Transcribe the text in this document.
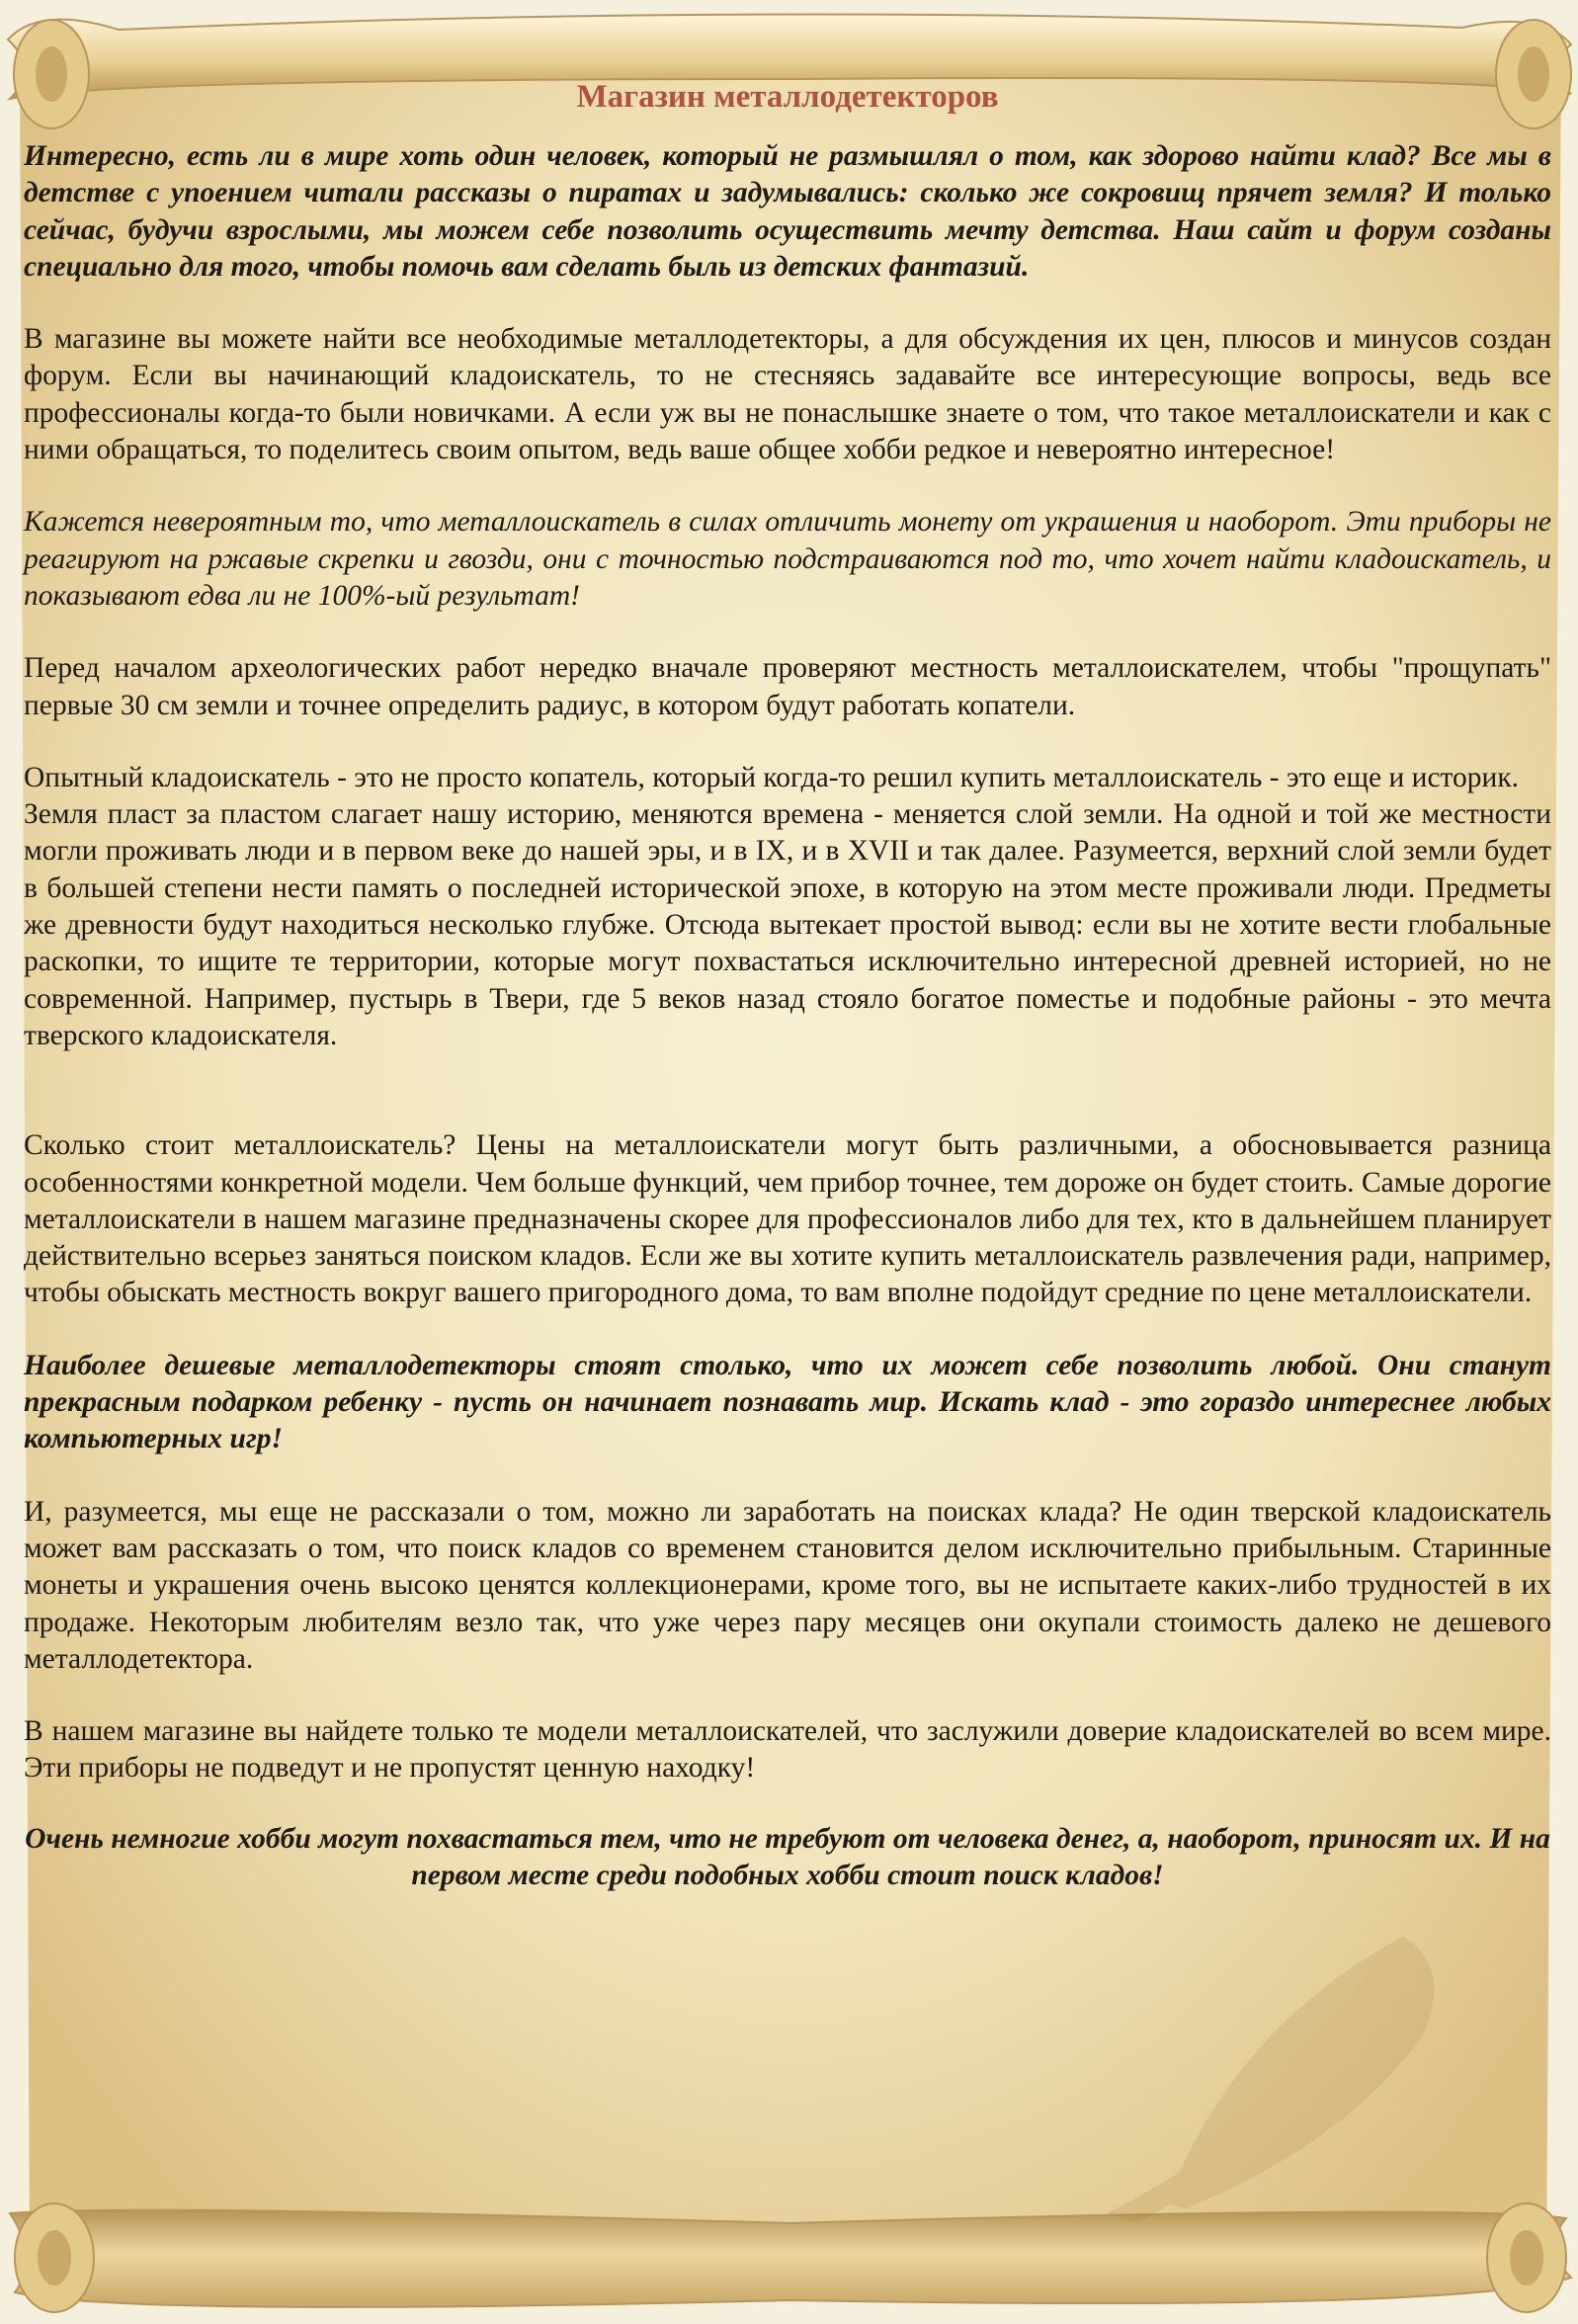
Магазин металлодетекторов

Интересно, есть ли в мире хоть один человек, который не размышлял о том, как здорово найти клад? Все мы в детстве с упоением читали рассказы о пиратах и задумывались: сколько же сокровищ прячет земля? И только сейчас, будучи взрослыми, мы можем себе позволить осуществить мечту детства. Наш сайт и форум созданы специально для того, чтобы помочь вам сделать быль из детских фантазий.

В магазине вы можете найти все необходимые металлодетекторы, а для обсуждения их цен, плюсов и минусов создан форум. Если вы начинающий кладоискатель, то не стесняясь задавайте все интересующие вопросы, ведь все профессионалы когда-то были новичками. А если уж вы не понаслышке знаете о том, что такое металлоискатели и как с ними обращаться, то поделитесь своим опытом, ведь ваше общее хобби редкое и невероятно интересное!

Кажется невероятным то, что металлоискатель в силах отличить монету от украшения и наоборот. Эти приборы не реагируют на ржавые скрепки и гвозди, они с точностью подстраиваются под то, что хочет найти кладоискатель, и показывают едва ли не 100%-ый результат!

Перед началом археологических работ нередко вначале проверяют местность металлоискателем, чтобы "прощупать" первые 30 см земли и точнее определить радиус, в котором будут работать копатели.

Опытный кладоискатель - это не просто копатель, который когда-то решил купить металлоискатель - это еще и историк.

Земля пласт за пластом слагает нашу историю, меняются времена - меняется слой земли. На одной и той же местности могли проживать люди и в первом веке до нашей эры, и в IX, и в XVII и так далее. Разумеется, верхний слой земли будет в большей степени нести память о последней исторической эпохе, в которую на этом месте проживали люди. Предметы же древности будут находиться несколько глубже. Отсюда вытекает простой вывод: если вы не хотите вести глобальные раскопки, то ищите те территории, которые могут похвастаться исключительно интересной древней историей, но не современной. Например, пустырь в Твери, где 5 веков назад стояло богатое поместье и подобные районы - это мечта тверского кладоискателя.

Сколько стоит металлоискатель? Цены на металлоискатели могут быть различными, а обосновывается разница особенностями конкретной модели. Чем больше функций, чем прибор точнее, тем дороже он будет стоить. Самые дорогие металлоискатели в нашем магазине предназначены скорее для профессионалов либо для тех, кто в дальнейшем планирует действительно всерьез заняться поиском кладов. Если же вы хотите купить металлоискатель развлечения ради, например, чтобы обыскать местность вокруг вашего пригородного дома, то вам вполне подойдут средние по цене металлоискатели.

Наиболее дешевые металлодетекторы стоят столько, что их может себе позволить любой. Они станут прекрасным подарком ребенку - пусть он начинает познавать мир. Искать клад - это гораздо интереснее любых компьютерных игр!

И, разумеется, мы еще не рассказали о том, можно ли заработать на поисках клада? Не один тверской кладоискатель может вам рассказать о том, что поиск кладов со временем становится делом исключительно прибыльным. Старинные монеты и украшения очень высоко ценятся коллекционерами, кроме того, вы не испытаете каких-либо трудностей в их продаже. Некоторым любителям везло так, что уже через пару месяцев они окупали стоимость далеко не дешевого металлодетектора.

В нашем магазине вы найдете только те модели металлоискателей, что заслужили доверие кладоискателей во всем мире. Эти приборы не подведут и не пропустят ценную находку!

Очень немногие хобби могут похвастаться тем, что не требуют от человека денег, а, наоборот, приносят их. И на первом месте среди подобных хобби стоит поиск кладов!
